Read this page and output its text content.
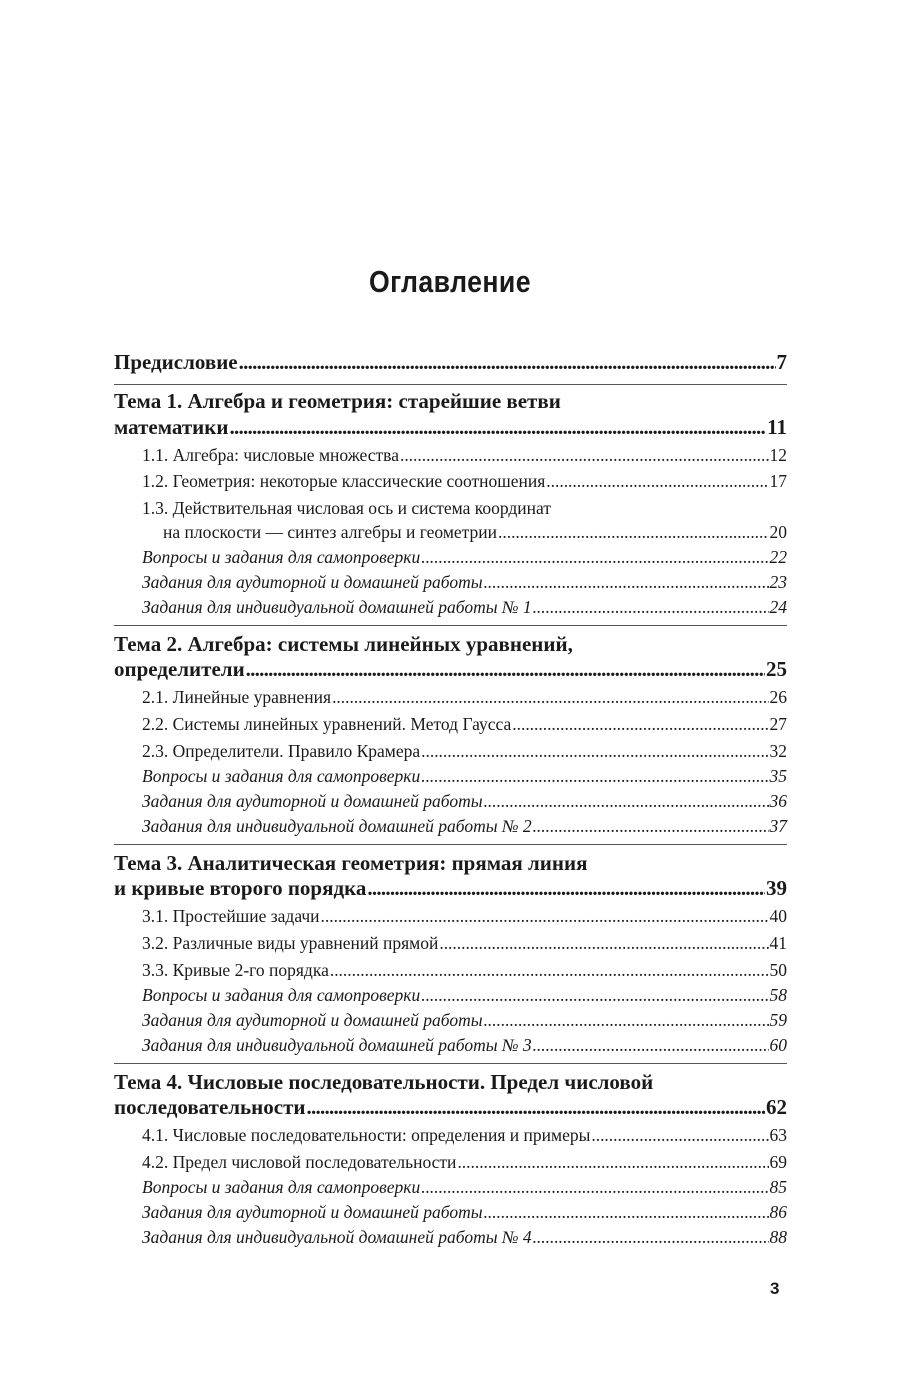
Оглавление
Предисловие . . .	7
Тема 1. Алгебра и геометрия: старейшие ветви
математики . . .	11
1.1. Алгебра: числовые множества . . .	12
1.2. Геометрия: некоторые классические соотношения . . .	17
1.3. Действительная числовая ось и система координат
на плоскости — синтез алгебры и геометрии . . .	20
Вопросы и задания для самопроверки . . .	22
Задания для аудиторной и домашней работы . . .	23
Задания для индивидуальной домашней работы № 1 . . .	24
Тема 2. Алгебра: системы линейных уравнений,
определители . . .	25
2.1. Линейные уравнения . . .	26
2.2. Системы линейных уравнений. Метод Гаусса . . .	27
2.3. Определители. Правило Крамера . . .	32
Вопросы и задания для самопроверки . . .	35
Задания для аудиторной и домашней работы . . .	36
Задания для индивидуальной домашней работы № 2 . . .	37
Тема 3. Аналитическая геометрия: прямая линия
и кривые второго порядка . . .	39
3.1. Простейшие задачи . . .	40
3.2. Различные виды уравнений прямой . . .	41
3.3. Кривые 2-го порядка . . .	50
Вопросы и задания для самопроверки . . .	58
Задания для аудиторной и домашней работы . . .	59
Задания для индивидуальной домашней работы № 3 . . .	60
Тема 4. Числовые последовательности. Предел числовой
последовательности . . .	62
4.1. Числовые последовательности: определения и примеры . . .	63
4.2. Предел числовой последовательности . . .	69
Вопросы и задания для самопроверки . . .	85
Задания для аудиторной и домашней работы . . .	86
Задания для индивидуальной домашней работы № 4 . . .	88
3
